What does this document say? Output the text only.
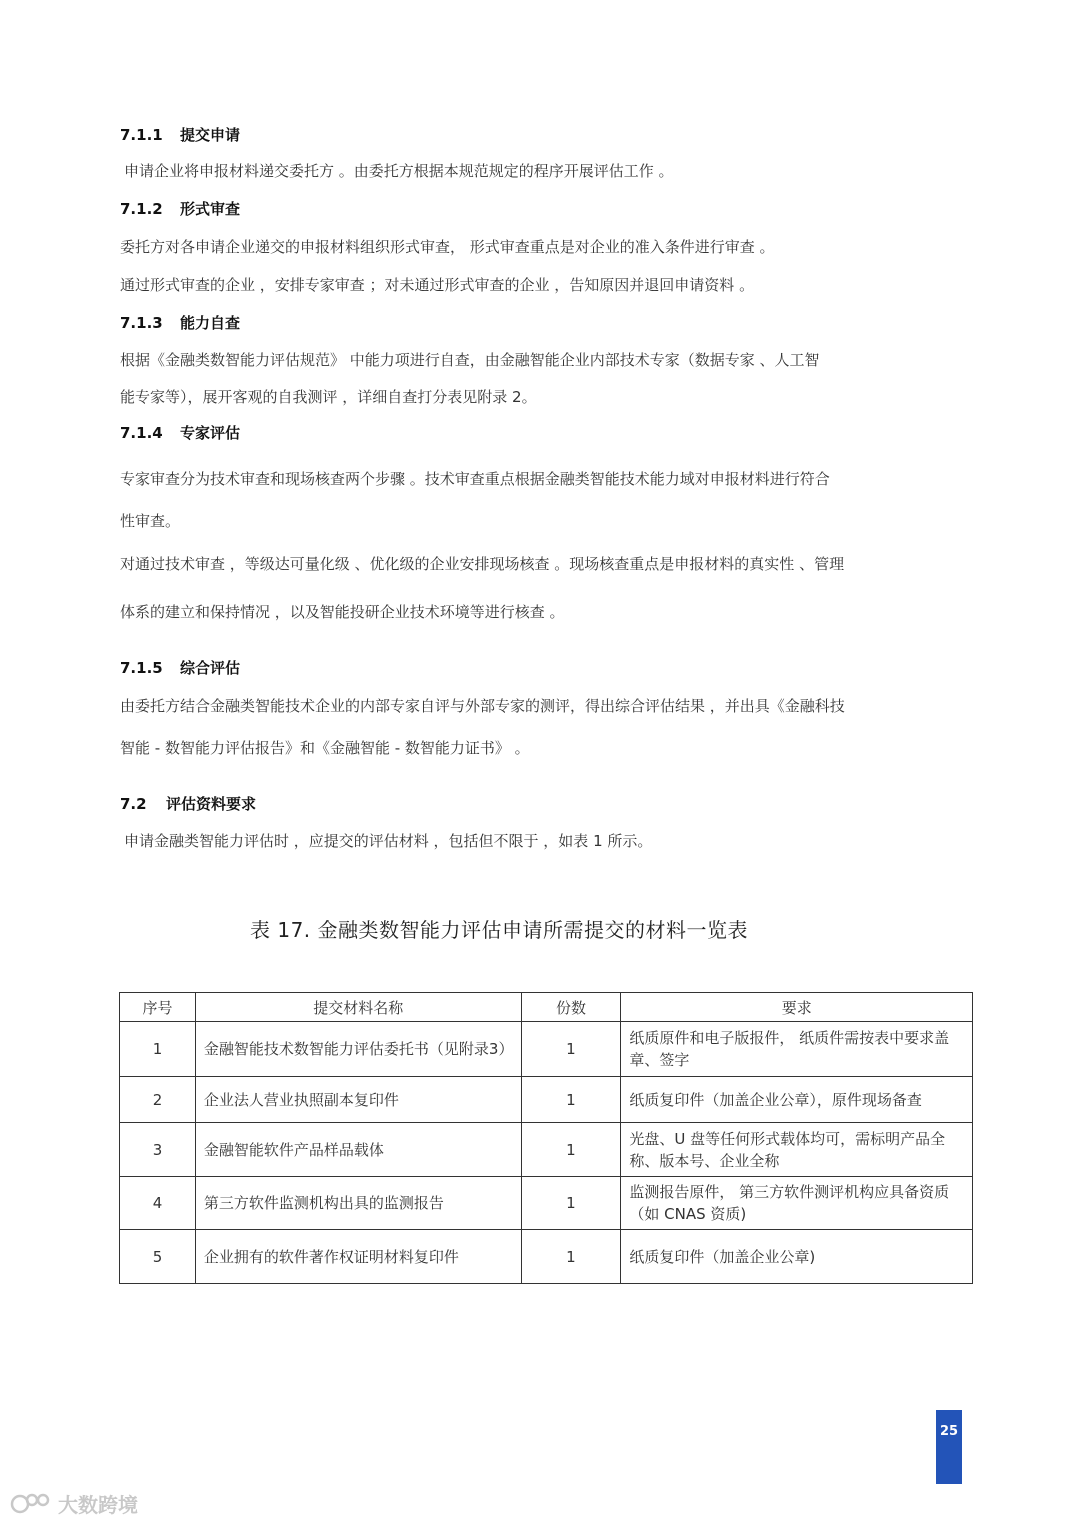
7.1.1 提交申请
7.1.2 形式审查
7.1.3 能力自查
7.1.4 专家评估
7.1.5 综合评估
7.2 评估资料要求
申请企业将申报材料递交委托方 。由委托方根据本规范规定的程序开展评估工作 。
委托方对各申请企业递交的申报材料组织形式审查， 形式审查重点是对企业的准入条件进行审查 。
通过形式审查的企业 ，安排专家审查 ；对未通过形式审查的企业 ，告知原因并退回申请资料 。
根据《金融类数智能力评估规范》 中能力项进行自查，由金融智能企业内部技术专家（数据专家 、人工智
能专家等），展开客观的自我测评 ，详细自查打分表见附录 2。
专家审查分为技术审查和现场核查两个步骤 。技术审查重点根据金融类智能技术能力域对申报材料进行符合
性审查。
对通过技术审查 ，等级达可量化级 、优化级的企业安排现场核查 。现场核查重点是申报材料的真实性 、管理
体系的建立和保持情况 ，以及智能投研企业技术环境等进行核查 。
由委托方结合金融类智能技术企业的内部专家自评与外部专家的测评，得出综合评估结果 ，并出具《金融科技
智能 - 数智能力评估报告》和《金融智能 - 数智能力证书》 。
申请金融类智能力评估时 ，应提交的评估材料 ，包括但不限于 ，如表 1 所示。
表 17. 金融类数智能力评估申请所需提交的材料一览表
序号	提交材料名称	份数	要求
1	金融智能技术数智能力评估委托书（见附录3）	1	纸质原件和电子版报件， 纸质件需按表中要求盖章、签字
2	企业法人营业执照副本复印件	1	纸质复印件（加盖企业公章），原件现场备查
3	金融智能软件产品样品载体	1	光盘、U 盘等任何形式载体均可，需标明产品全称、版本号、企业全称
4	第三方软件监测机构出具的监测报告	1	监测报告原件， 第三方软件测评机构应具备资质（如 CNAS 资质)
5	企业拥有的软件著作权证明材料复印件	1	纸质复印件（加盖企业公章)
25
大数跨境
